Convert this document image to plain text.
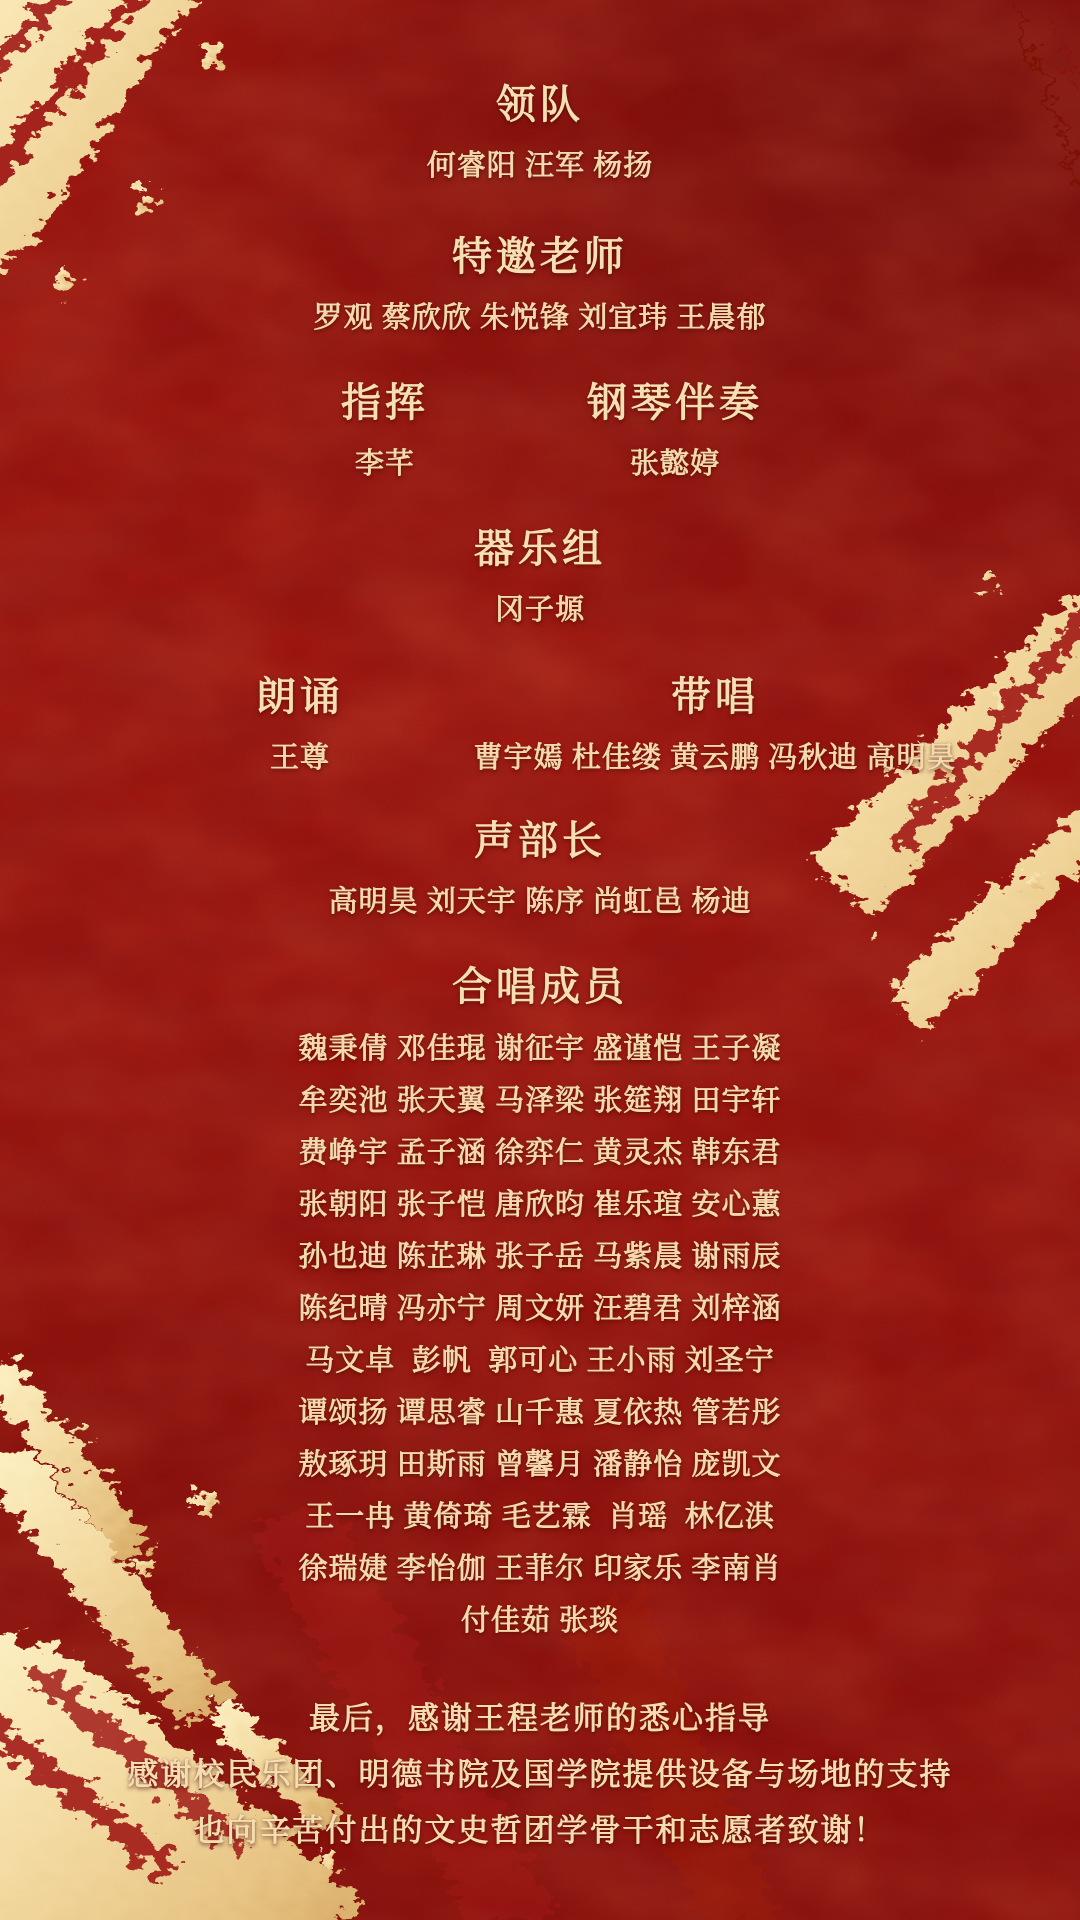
领队
何睿阳 汪军 杨扬
特邀老师
罗观 蔡欣欣 朱悦锋 刘宜玮 王晨郁
指挥	钢琴伴奏
李芊	张懿婷
器乐组
冈子塬
朗诵	带唱
王尊	曹宇嫣 杜佳缕 黄云鹏 冯秋迪 高明昊
声部长
高明昊 刘天宇 陈序 尚虹邑 杨迪
合唱成员
魏秉倩 邓佳琨 谢征宇 盛谨恺 王子凝
牟奕池 张天翼 马泽梁 张筵翔 田宇轩
费峥宇 孟子涵 徐弈仁 黄灵杰 韩东君
张朝阳 张子恺 唐欣昀 崔乐瑄 安心蕙
孙也迪 陈芷琳 张子岳 马紫晨 谢雨辰
陈纪晴 冯亦宁 周文妍 汪碧君 刘梓涵
马文卓  彭帆  郭可心 王小雨 刘圣宁
谭颂扬 谭思睿 山千惠 夏依热 管若彤
敖琢玥 田斯雨 曾馨月 潘静怡 庞凯文
王一冉 黄倚琦 毛艺霖  肖瑶  林亿淇
徐瑞婕 李怡伽 王菲尔 印家乐 李南肖
付佳茹 张琰
最后，感谢王程老师的悉心指导
感谢校民乐团、明德书院及国学院提供设备与场地的支持
也向辛苦付出的文史哲团学骨干和志愿者致谢！
